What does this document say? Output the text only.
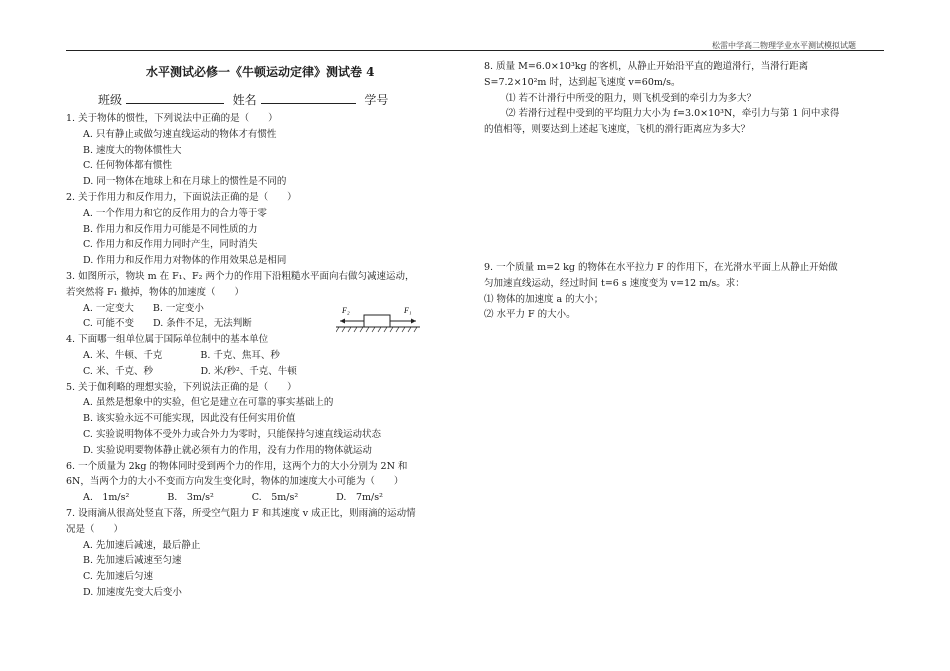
松雷中学高二物理学业水平测试模拟试题
水平测试必修一《牛顿运动定律》测试卷 4
班级	姓名	学号
1. 关于物体的惯性，下列说法中正确的是（　　）
A. 只有静止或做匀速直线运动的物体才有惯性
B. 速度大的物体惯性大
C. 任何物体都有惯性
D. 同一物体在地球上和在月球上的惯性是不同的
2. 关于作用力和反作用力，下面说法正确的是（　　）
A. 一个作用力和它的反作用力的合力等于零
B. 作用力和反作用力可能是不同性质的力
C. 作用力和反作用力同时产生，同时消失
D. 作用力和反作用力对物体的作用效果总是相同
3. 如图所示，物块 m 在 F₁、F₂ 两个力的作用下沿粗糙水平面向右做匀减速运动，
若突然将 F₁ 撤掉，物体的加速度（　　）
A. 一定变大　　B. 一定变小
C. 可能不变　　D. 条件不足，无法判断
4. 下面哪一组单位属于国际单位制中的基本单位
A. 米、牛顿、千克　　　　B. 千克、焦耳、秒
C. 米、千克、秒　　　　　D. 米/秒²、千克、牛顿
5. 关于伽利略的理想实验，下列说法正确的是（　　）
A. 虽然是想象中的实验，但它是建立在可靠的事实基础上的
B. 该实验永远不可能实现，因此没有任何实用价值
C. 实验说明物体不受外力或合外力为零时，只能保持匀速直线运动状态
D. 实验说明要物体静止就必须有力的作用，没有力作用的物体就运动
6. 一个质量为 2kg 的物体同时受到两个力的作用，这两个力的大小分别为 2N 和
6N，当两个力的大小不变而方向发生变化时，物体的加速度大小可能为（　　）
A.　1m/s²　　　　B.　3m/s²　　　　C.　5m/s²　　　　D.　7m/s²
7. 设雨滴从很高处竖直下落，所受空气阻力 F 和其速度 v 成正比，则雨滴的运动情
况是（　　）
A. 先加速后减速，最后静止
B. 先加速后减速至匀速
C. 先加速后匀速
D. 加速度先变大后变小
F₂	F₁
8. 质量 M=6.0×10³kg 的客机，从静止开始沿平直的跑道滑行，当滑行距离
S=7.2×10²m 时，达到起飞速度 v=60m/s。
⑴ 若不计滑行中所受的阻力，则飞机受到的牵引力为多大？
⑵ 若滑行过程中受到的平均阻力大小为 f=3.0×10³N，牵引力与第 1 问中求得
的值相等，则要达到上述起飞速度，飞机的滑行距离应为多大？
9. 一个质量 m=2 kg 的物体在水平拉力 F 的作用下，在光滑水平面上从静止开始做
匀加速直线运动，经过时间 t=6 s 速度变为 v=12 m/s。求：
⑴ 物体的加速度 a 的大小；
⑵ 水平力 F 的大小。
